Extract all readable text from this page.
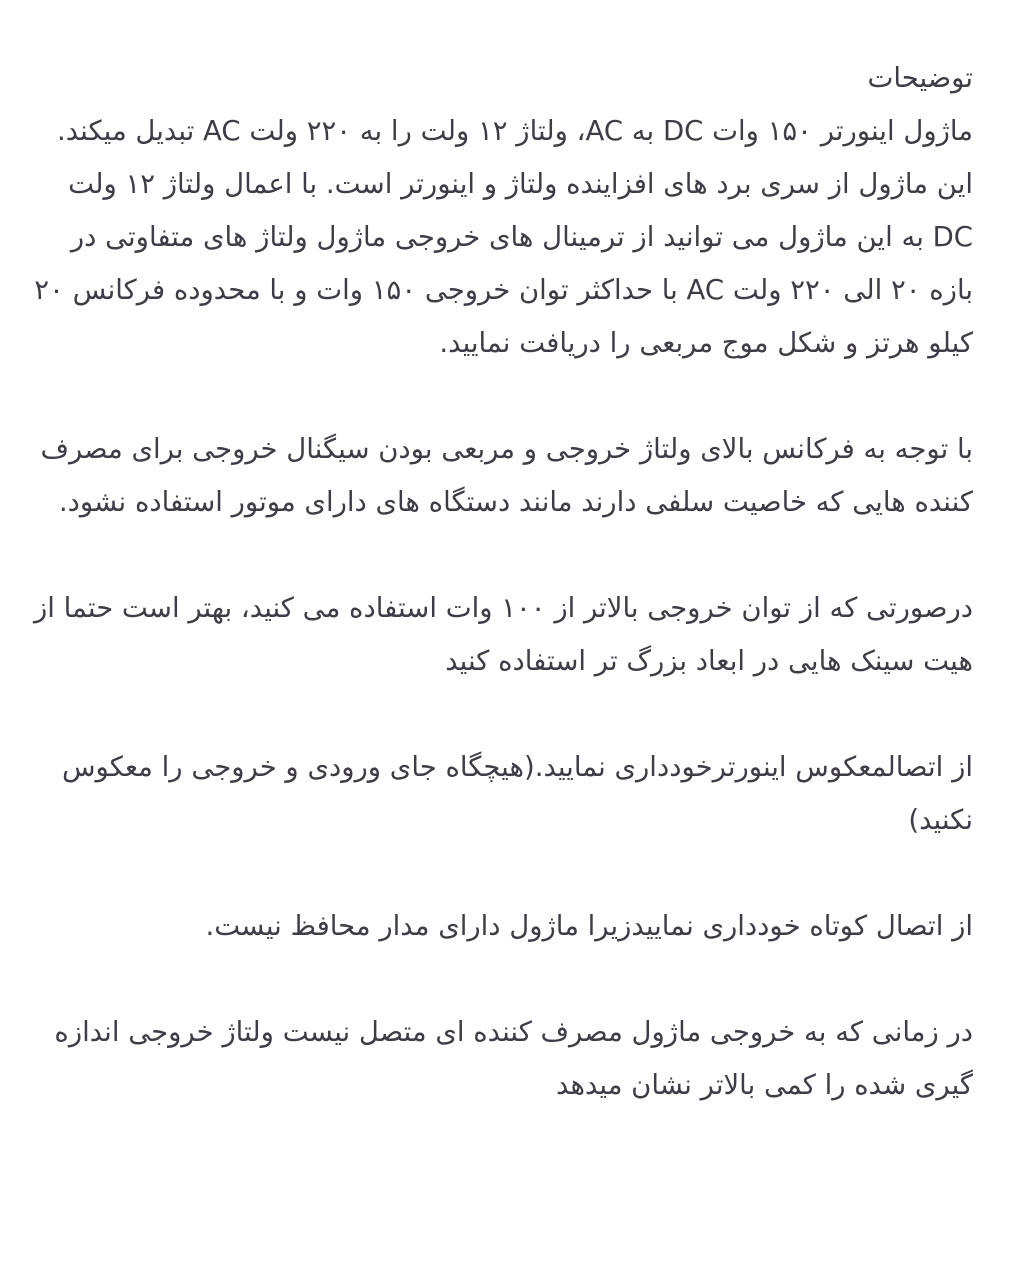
توضیحات

ماژول اینورتر ۱۵۰ وات DC به AC، ولتاژ ۱۲ ولت را به ۲۲۰ ولت AC تبدیل میکند. این ماژول از سری برد های افزاینده ولتاژ و اینورتر است. با اعمال ولتاژ ۱۲ ولت DC به این ماژول می توانید از ترمینال های خروجی ماژول ولتاژ های متفاوتی در بازه ۲۰ الی ۲۲۰ ولت AC با حداکثر توان خروجی ۱۵۰ وات و با محدوده فرکانس ۲۰ کیلو هرتز و شکل موج مربعی را دریافت نمایید.

با توجه به فرکانس بالای ولتاژ خروجی و مربعی بودن سیگنال خروجی برای مصرف کننده هایی که خاصیت سلفی دارند مانند دستگاه های دارای موتور استفاده نشود.

درصورتی که از توان خروجی بالاتر از ۱۰۰ وات استفاده می کنید، بهتر است حتما از هیت سینک هایی در ابعاد بزرگ تر استفاده کنید

از اتصالمعکوس اینورترخودداری نمایید.(هیچگاه جای ورودی و خروجی را معکوس نکنید)

از اتصال کوتاه خودداری نماییدزیرا ماژول دارای مدار محافظ نیست.

در زمانی که به خروجی ماژول مصرف کننده ای متصل نیست ولتاژ خروجی اندازه گیری شده را کمی بالاتر نشان میدهد
